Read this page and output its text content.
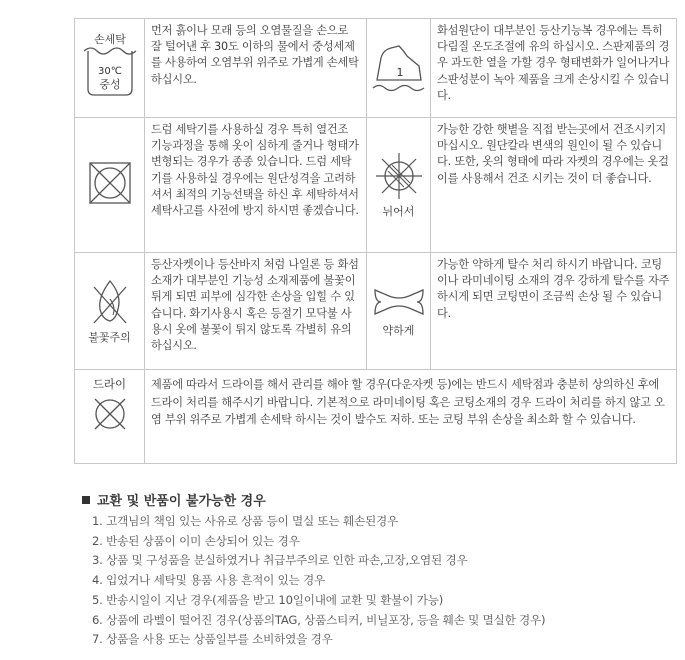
손세탁
30℃
중성	먼저 흙이나 모래 등의 오염물질을 손으로 잘 털어낸 후 30도 이하의 물에서 중성세제를 사용하여 오염부위 위주로 가볍게 손세탁 하십시오.	1	화섬원단이 대부분인 등산기능복 경우에는 특히 다림질 온도조절에 유의 하십시오. 스판제품의 경우 과도한 열을 가할 경우 형태변화가 일어나거나 스판성분이 녹아 제품을 크게 손상시킬 수 있습니다.
	드럼 세탁기를 사용하실 경우 특히 열건조 기능과정을 통해 옷이 심하게 줄거나 형태가 변형되는 경우가 종종 있습니다. 드럼 세탁기를 사용하실 경우에는 원단성격을 고려하셔서 최적의 기능선택을 하신 후 세탁하셔서 세탁사고를 사전에 방지 하시면 좋겠습니다.	뉘어서	가능한 강한 햇볕을 직접 받는곳에서 건조시키지 마십시오. 원단칼라 변색의 원인이 될 수 있습니다. 또한, 옷의 형태에 따라 자켓의 경우에는 옷걸이를 사용해서 건조 시키는 것이 더 좋습니다.

불꽃주의	등산자켓이나 등산바지 처럼 나일론 등 화섬 소재가 대부분인 기능성 소재제품에 불꽃이 튀게 되면 피부에 심각한 손상을 입힐 수 있습니다. 화기사용시 혹은 등절기 모닥불 사용시 옷에 불꽃이 튀지 않도록 각별히 유의 하십시오.	약하게	가능한 약하게 탈수 처리 하시기 바랍니다. 코팅이나 라미네이팅 소재의 경우 강하게 탈수를 자주 하시게 되면 코팅면이 조금씩 손상 될 수 있습니다.

드라이	제품에 따라서 드라이를 해서 관리를 해야 할 경우(다운자켓 등)에는 반드시 세탁점과 충분히 상의하신 후에 드라이 처리를 해주시기 바랍니다. 기본적으로 라미네이팅 혹은 코팅소재의 경우 드라이 처리를 하지 않고 오염 부위 위주로 가볍게 손세탁 하시는 것이 발수도 저하. 또는 코팅 부위 손상을 최소화 할 수 있습니다.		
교환 및 반품이 불가능한 경우
1. 고객님의 책임 있는 사유로 상품 등이 멸실 또는 훼손된경우
2. 반송된 상품이 이미 손상되어 있는 경우
3. 상품 및 구성품을 분실하였거나 취급부주의로 인한 파손,고장,오염된 경우
4. 입었거나 세탁및 용품 사용 흔적이 있는 경우
5. 반송시일이 지난 경우(제품을 받고 10일이내에 교환 및 환불이 가능)
6. 상품에 라벨이 떨어진 경우(상품의TAG, 상품스티커, 비닐포장, 등을 훼손 및 멸실한 경우)
7. 상품을 사용 또는 상품일부를 소비하였을 경우
